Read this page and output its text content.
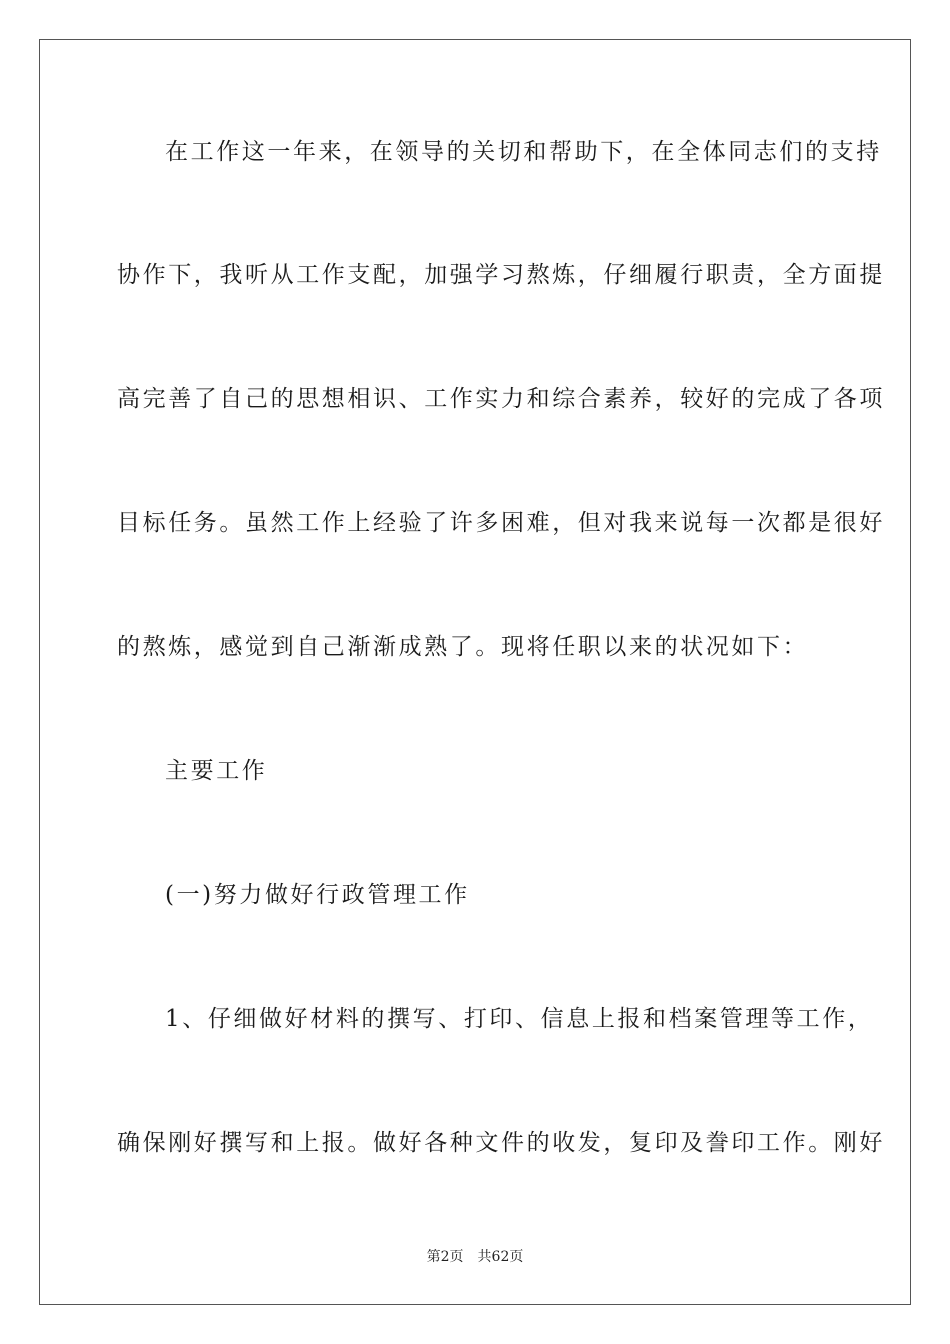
在工作这一年来，在领导的关切和帮助下，在全体同志们的支持
协作下，我听从工作支配，加强学习熬炼，仔细履行职责，全方面提
高完善了自己的思想相识、工作实力和综合素养，较好的完成了各项
目标任务。虽然工作上经验了许多困难，但对我来说每一次都是很好
的熬炼，感觉到自己渐渐成熟了。现将任职以来的状况如下：
主要工作
(一)努力做好行政管理工作
1、仔细做好材料的撰写、打印、信息上报和档案管理等工作，
确保刚好撰写和上报。做好各种文件的收发，复印及誊印工作。刚好
第2页 共62页
